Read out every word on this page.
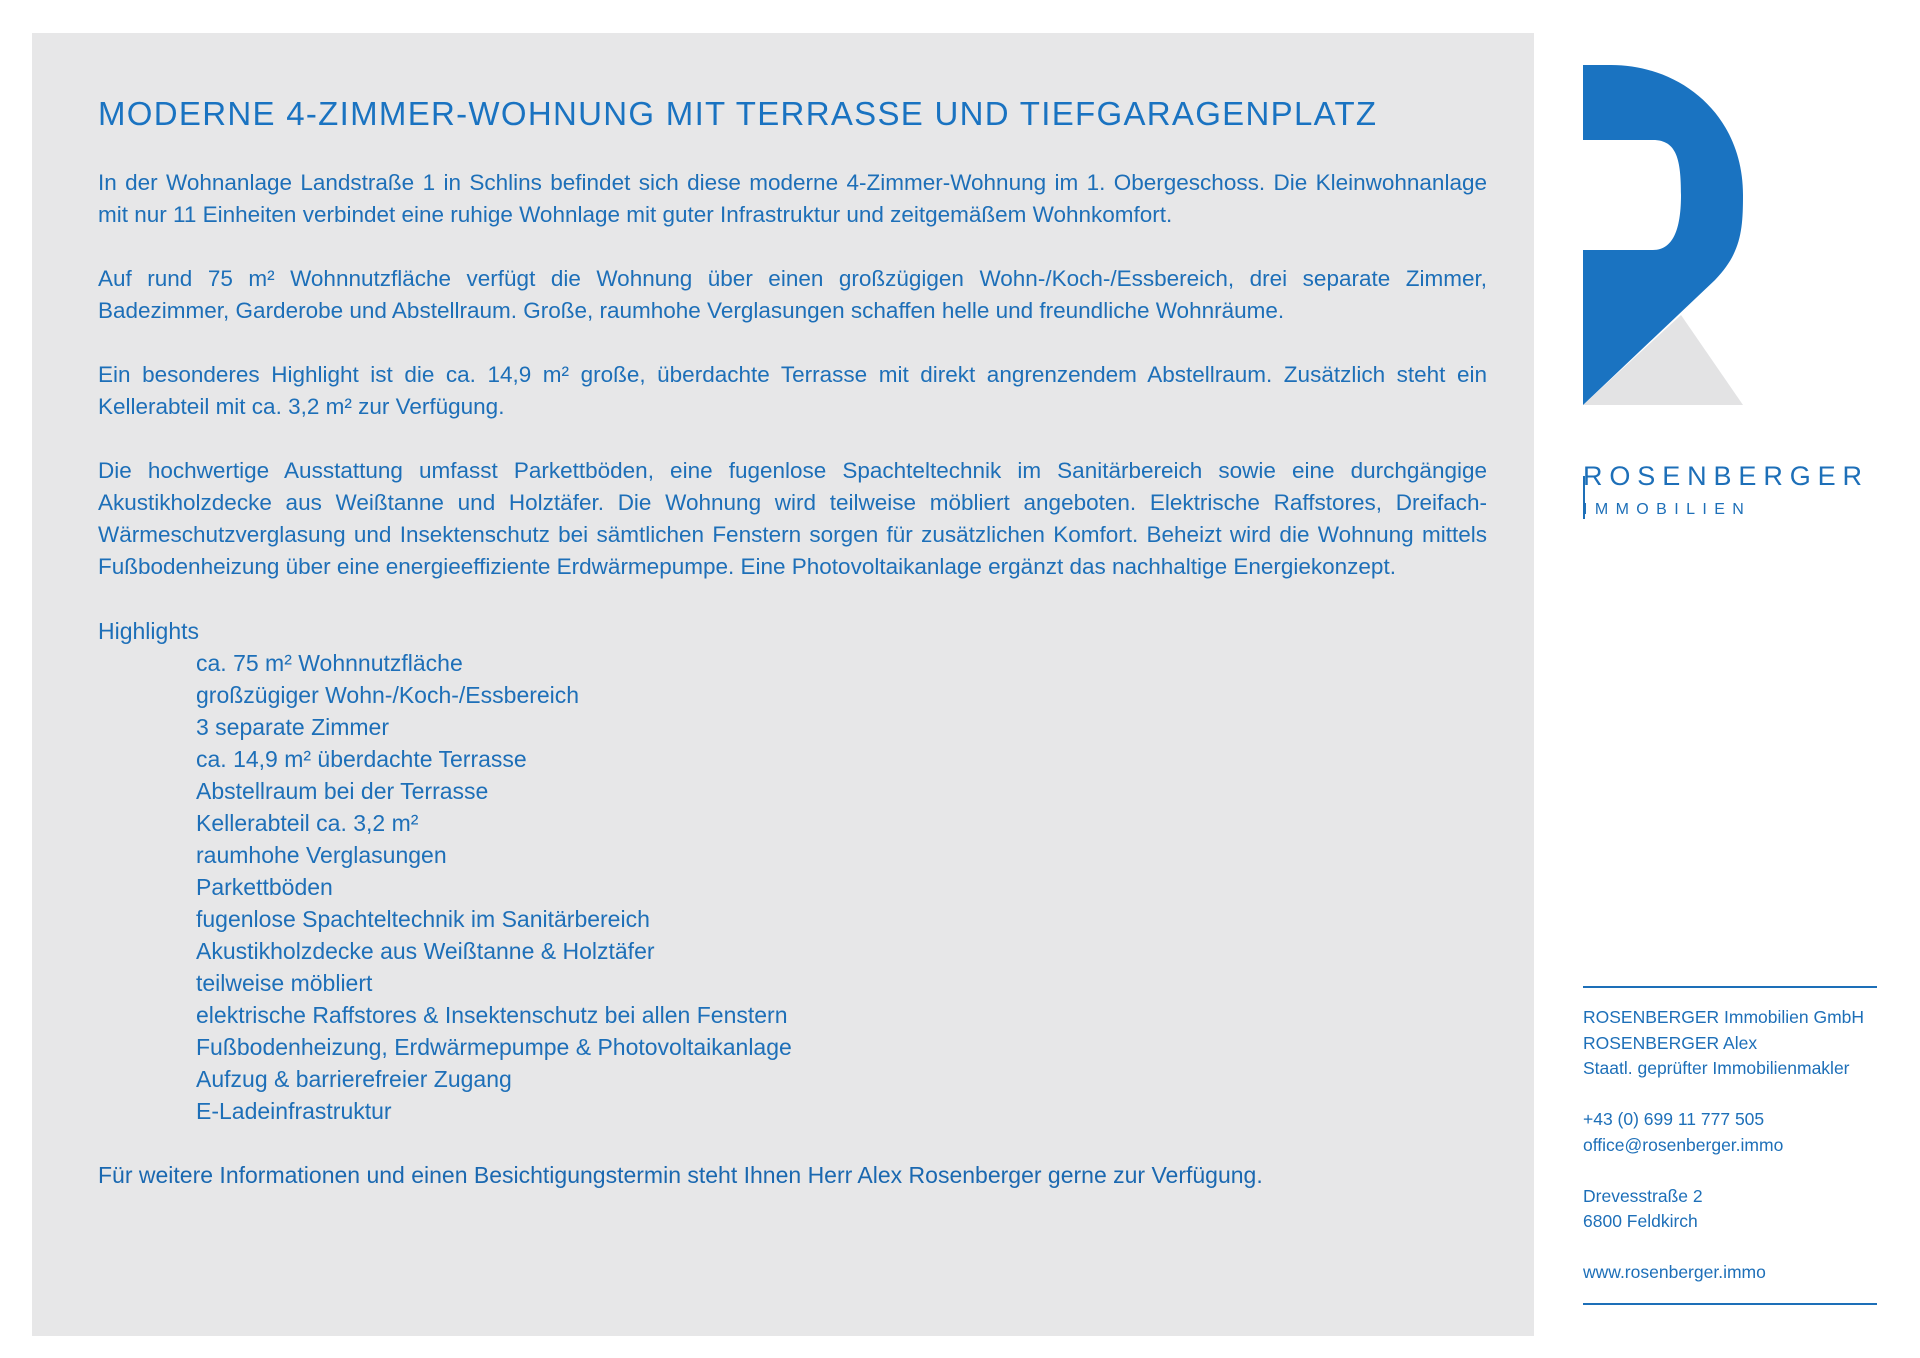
MODERNE 4-ZIMMER-WOHNUNG MIT TERRASSE UND TIEFGARAGENPLATZ

In der Wohnanlage Landstraße 1 in Schlins befindet sich diese moderne 4-Zimmer-Wohnung im 1. Obergeschoss. Die Kleinwohnanlage mit nur 11 Einheiten verbindet eine ruhige Wohnlage mit guter Infrastruktur und zeitgemäßem Wohnkomfort.

Auf rund 75 m² Wohnnutzfläche verfügt die Wohnung über einen großzügigen Wohn-/Koch-/Essbereich, drei separate Zimmer, Badezimmer, Garderobe und Abstellraum. Große, raumhohe Verglasungen schaffen helle und freundliche Wohnräume.

Ein besonderes Highlight ist die ca. 14,9 m² große, überdachte Terrasse mit direkt angrenzendem Abstellraum. Zusätzlich steht ein Kellerabteil mit ca. 3,2 m² zur Verfügung.

Die hochwertige Ausstattung umfasst Parkettböden, eine fugenlose Spachteltechnik im Sanitärbereich sowie eine durchgängige Akustikholzdecke aus Weißtanne und Holztäfer. Die Wohnung wird teilweise möbliert angeboten. Elektrische Raffstores, Dreifach-Wärmeschutzverglasung und Insektenschutz bei sämtlichen Fenstern sorgen für zusätzlichen Komfort. Beheizt wird die Wohnung mittels Fußbodenheizung über eine energieeffiziente Erdwärmepumpe. Eine Photovoltaikanlage ergänzt das nachhaltige Energiekonzept.

Highlights
ca. 75 m² Wohnnutzfläche
großzügiger Wohn-/Koch-/Essbereich
3 separate Zimmer
ca. 14,9 m² überdachte Terrasse
Abstellraum bei der Terrasse
Kellerabteil ca. 3,2 m²
raumhohe Verglasungen
Parkettböden
fugenlose Spachteltechnik im Sanitärbereich
Akustikholzdecke aus Weißtanne & Holztäfer
teilweise möbliert
elektrische Raffstores & Insektenschutz bei allen Fenstern
Fußbodenheizung, Erdwärmepumpe & Photovoltaikanlage
Aufzug & barrierefreier Zugang
E-Ladeinfrastruktur

Für weitere Informationen und einen Besichtigungstermin steht Ihnen Herr Alex Rosenberger gerne zur Verfügung.

ROSENBERGER
IMMOBILIEN
ROSENBERGER Immobilien GmbH
ROSENBERGER Alex
Staatl. geprüfter Immobilienmakler
+43 (0) 699 11 777 505
office@rosenberger.immo
Drevesstraße 2
6800 Feldkirch
www.rosenberger.immo
